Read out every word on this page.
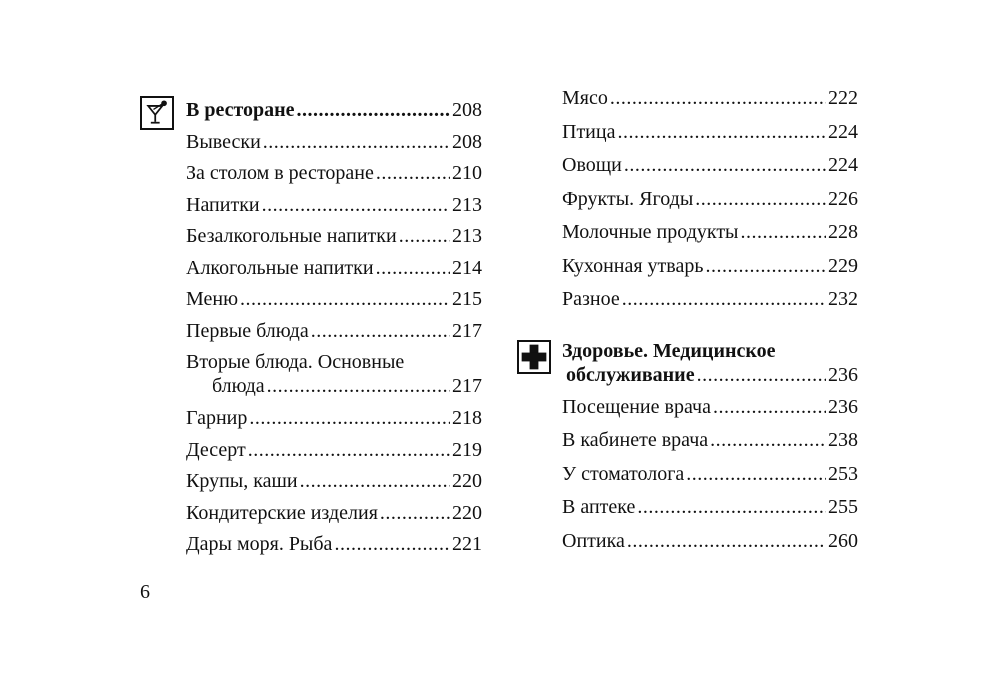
В ресторане .....	208
Вывески .....	208
За столом в ресторане .....	210
Напитки .....	213
Безалкогольные напитки .....	213
Алкогольные напитки .....	214
Меню .....	215
Первые блюда .....	217
Вторые блюда. Основные
блюда .....	217
Гарнир .....	218
Десерт .....	219
Крупы, каши .....	220
Кондитерские изделия .....	220
Дары моря. Рыба .....	221
Мясо .....	222
Птица .....	224
Овощи .....	224
Фрукты. Ягоды .....	226
Молочные продукты .....	228
Кухонная утварь .....	229
Разное .....	232
Здоровье. Медицинское
обслуживание .....	236
Посещение врача .....	236
В кабинете врача .....	238
У стоматолога .....	253
В аптеке .....	255
Оптика .....	260
6
